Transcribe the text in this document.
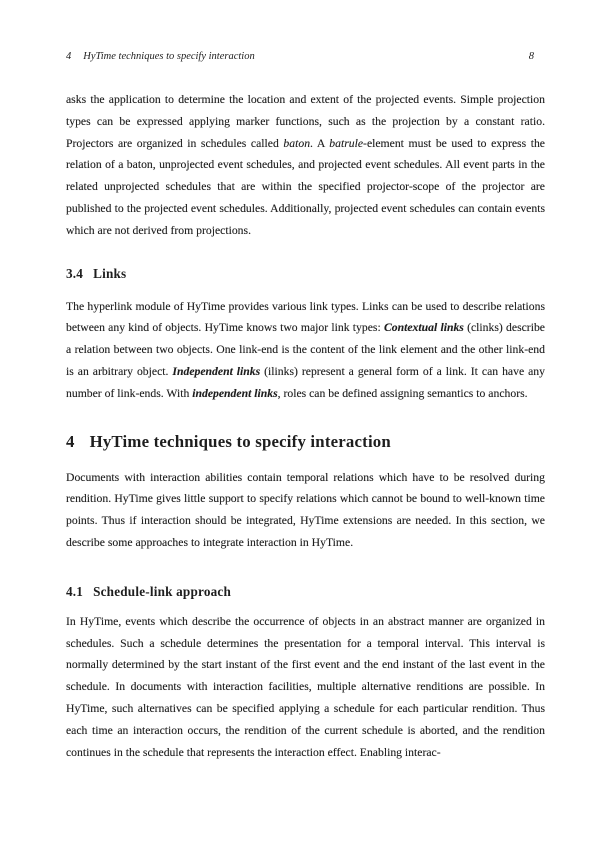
4 HyTime techniques to specify interaction	8

asks the application to determine the location and extent of the projected events. Simple projection types can be expressed applying marker functions, such as the projection by a constant ratio. Projectors are organized in schedules called baton. A batrule-element must be used to express the relation of a baton, unprojected event schedules, and projected event schedules. All event parts in the related unprojected schedules that are within the specified projector-scope of the projector are published to the projected event schedules. Additionally, projected event schedules can contain events which are not derived from projections.

3.4 Links

The hyperlink module of HyTime provides various link types. Links can be used to describe relations between any kind of objects. HyTime knows two major link types: Contextual links (clinks) describe a relation between two objects. One link-end is the content of the link element and the other link-end is an arbitrary object. Independent links (ilinks) represent a general form of a link. It can have any number of link-ends. With independent links, roles can be defined assigning semantics to anchors.

4 HyTime techniques to specify interaction

Documents with interaction abilities contain temporal relations which have to be resolved during rendition. HyTime gives little support to specify relations which cannot be bound to well-known time points. Thus if interaction should be integrated, HyTime extensions are needed. In this section, we describe some approaches to integrate interaction in HyTime.

4.1 Schedule-link approach

In HyTime, events which describe the occurrence of objects in an abstract manner are organized in schedules. Such a schedule determines the presentation for a temporal interval. This interval is normally determined by the start instant of the first event and the end instant of the last event in the schedule. In documents with interaction facilities, multiple alternative renditions are possible. In HyTime, such alternatives can be specified applying a schedule for each particular rendition. Thus each time an interaction occurs, the rendition of the current schedule is aborted, and the rendition continues in the schedule that represents the interaction effect. Enabling interac-
